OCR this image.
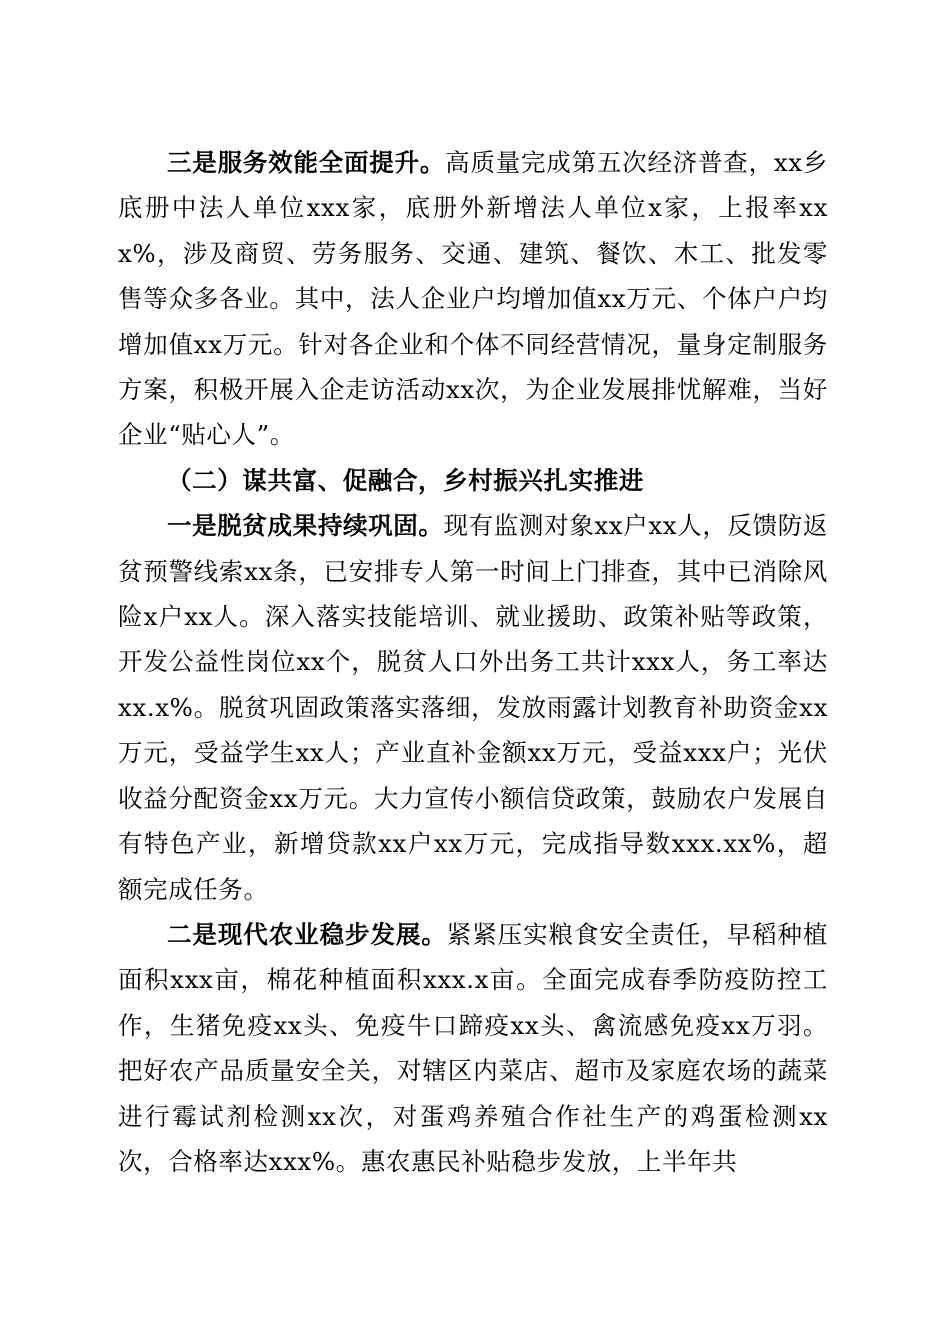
三是服务效能全面提升。高质量完成第五次经济普查，xx乡底册中法人单位xxx家，底册外新增法人单位x家，上报率xxx%，涉及商贸、劳务服务、交通、建筑、餐饮、木工、批发零售等众多各业。其中，法人企业户均增加值xx万元、个体户户均增加值xx万元。针对各企业和个体不同经营情况，量身定制服务方案，积极开展入企走访活动xx次，为企业发展排忧解难，当好企业“贴心人”。

（二）谋共富、促融合，乡村振兴扎实推进

一是脱贫成果持续巩固。现有监测对象xx户xx人，反馈防返贫预警线索xx条，已安排专人第一时间上门排查，其中已消除风险x户xx人。深入落实技能培训、就业援助、政策补贴等政策，开发公益性岗位xx个，脱贫人口外出务工共计xxx人，务工率达xx.x%。脱贫巩固政策落实落细，发放雨露计划教育补助资金xx万元，受益学生xx人；产业直补金额xx万元，受益xxx户；光伏收益分配资金xx万元。大力宣传小额信贷政策，鼓励农户发展自有特色产业，新增贷款xx户xx万元，完成指导数xxx.xx%，超额完成任务。

二是现代农业稳步发展。紧紧压实粮食安全责任，早稻种植面积xxx亩，棉花种植面积xxx.x亩。全面完成春季防疫防控工作，生猪免疫xx头、免疫牛口蹄疫xx头、禽流感免疫xx万羽。把好农产品质量安全关，对辖区内菜店、超市及家庭农场的蔬菜进行霉试剂检测xx次，对蛋鸡养殖合作社生产的鸡蛋检测xx次，合格率达xxx%。惠农惠民补贴稳步发放，上半年共
